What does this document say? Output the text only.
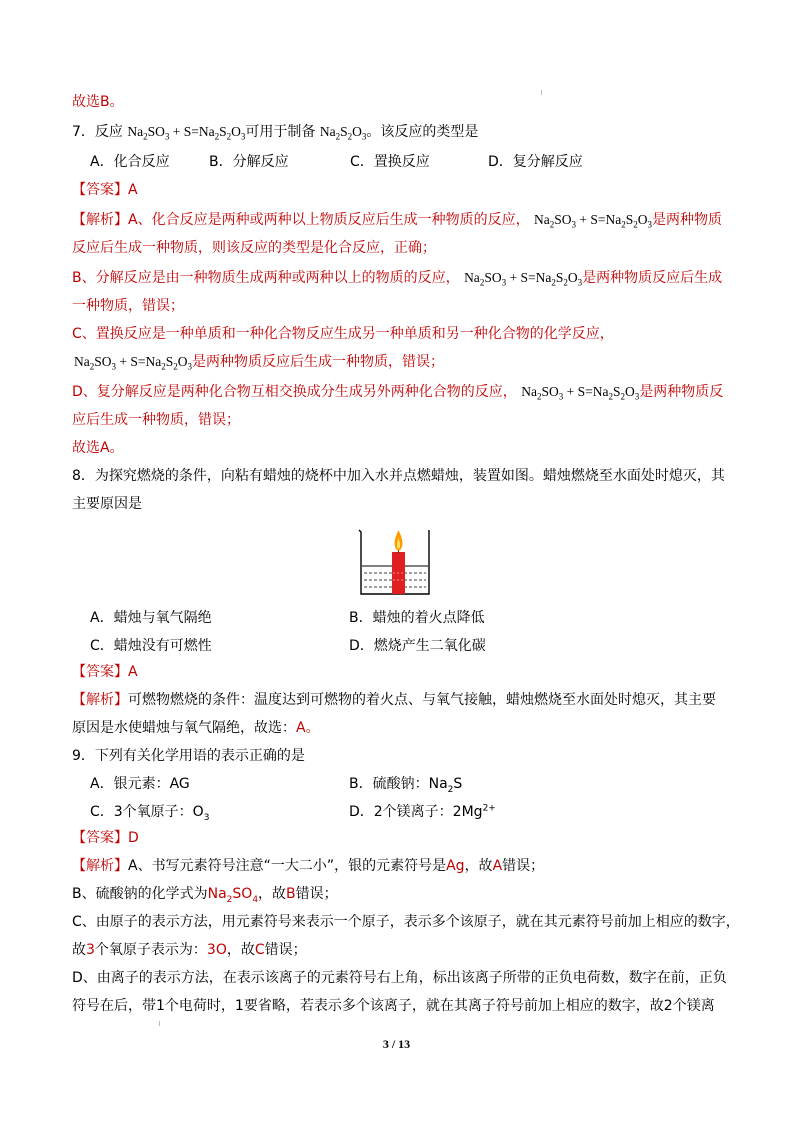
故选B。
7．反应 $Na_2SO_3 + S=Na_2S_2O_3$可用于制备 $Na_2S_2O_3$。该反应的类型是
A．化合反应	B．分解反应	C．置换反应	D．复分解反应
【答案】A
【解析】A、化合反应是两种或两种以上物质反应后生成一种物质的反应， $Na_2SO_3 + S=Na_2S_2O_3$是两种物质
反应后生成一种物质，则该反应的类型是化合反应，正确；
B、分解反应是由一种物质生成两种或两种以上的物质的反应， $Na_2SO_3 + S=Na_2S_2O_3$是两种物质反应后生成
一种物质，错误；
C、置换反应是一种单质和一种化合物反应生成另一种单质和另一种化合物的化学反应，
$Na_2SO_3 + S=Na_2S_2O_3$是两种物质反应后生成一种物质，错误；
D、复分解反应是两种化合物互相交换成分生成另外两种化合物的反应， $Na_2SO_3 + S=Na_2S_2O_3$是两种物质反
应后生成一种物质，错误；
故选A。
8．为探究燃烧的条件，向粘有蜡烛的烧杯中加入水并点燃蜡烛，装置如图。蜡烛燃烧至水面处时熄灭，其
主要原因是
A．蜡烛与氧气隔绝	B．蜡烛的着火点降低
C．蜡烛没有可燃性	D．燃烧产生二氧化碳
【答案】A
【解析】可燃物燃烧的条件：温度达到可燃物的着火点、与氧气接触，蜡烛燃烧至水面处时熄灭，其主要
原因是水使蜡烛与氧气隔绝，故选：A。
9．下列有关化学用语的表示正确的是
A．银元素：AG	B．硫酸钠：$Na_2S$
C．3个氧原子：$O_3$	D．2个镁离子：$2Mg^{2+}$
【答案】D
【解析】A、书写元素符号注意“一大二小”，银的元素符号是Ag，故A错误；
B、硫酸钠的化学式为$Na_2SO_4$，故B错误；
C、由原子的表示方法，用元素符号来表示一个原子，表示多个该原子，就在其元素符号前加上相应的数字，
故3个氧原子表示为：3O，故C错误；
D、由离子的表示方法，在表示该离子的元素符号右上角，标出该离子所带的正负电荷数，数字在前，正负
符号在后，带1个电荷时，1要省略，若表示多个该离子，就在其离子符号前加上相应的数字，故2个镁离
3 / 13
